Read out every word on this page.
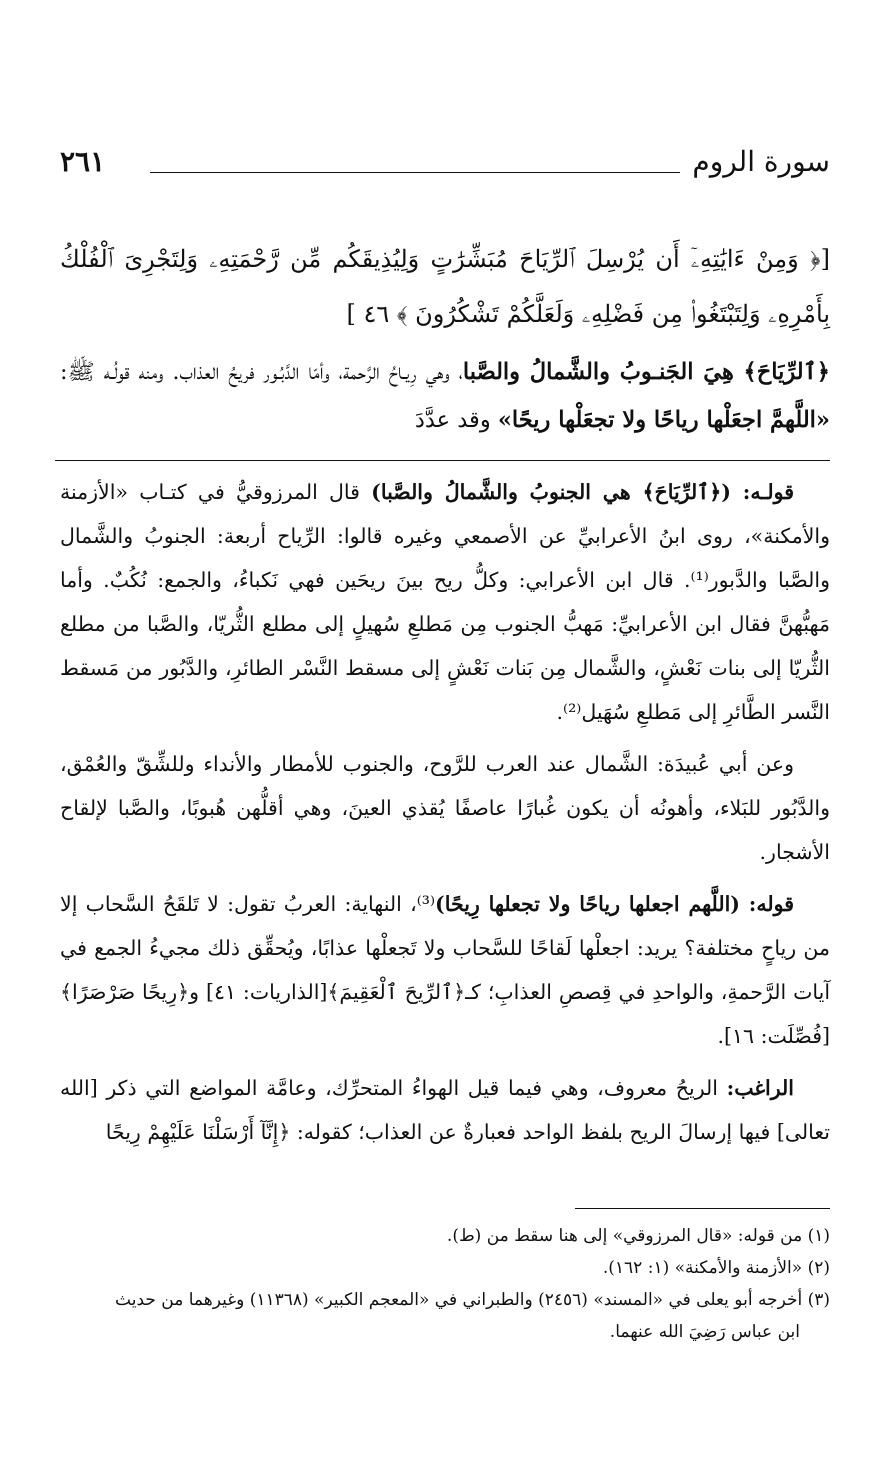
سورة الروم
٢٦١
[﴿ وَمِنْ ءَايَٰتِهِۦٓ أَن يُرْسِلَ ٱلرِّيَاحَ مُبَشِّرَٰتٍ وَلِيُذِيقَكُم مِّن رَّحْمَتِهِۦ وَلِتَجْرِىَ ٱلْفُلْكُ بِأَمْرِهِۦ وَلِتَبْتَغُوا۟ مِن فَضْلِهِۦ وَلَعَلَّكُمْ تَشْكُرُونَ ﴾ ٤٦ ]
﴿ٱلرِّيَاحَ﴾ هِيَ الجَنـوبُ والشَّمالُ والصَّبا، وهي رِيـاحُ الرَّحمة، وأمّا الدَّبُـور فريحُ العذاب. ومنه قولُـه ﷺ: «اللَّهمَّ اجعَلْها رياحًا ولا تجعَلْها ريحًا» وقد عدَّدَ

قولـه: (﴿ٱلرِّيَاحَ﴾ هي الجنوبُ والشَّمالُ والصَّبا) قال المرزوقيُّ في كتـاب «الأزمنة والأمكنة»، روى ابنُ الأعرابيِّ عن الأصمعي وغيره قالوا: الرِّياح أربعة: الجنوبُ والشَّمال والصَّبا والدَّبور⁽¹⁾. قال ابن الأعرابي: وكلُّ ريح بينَ ريحَين فهي نَكباءُ، والجمع: نُكُبٌ. وأما مَهبُّهنَّ فقال ابن الأعرابيِّ: مَهبُّ الجنوب مِن مَطلعِ سُهيلٍ إلى مطلع الثُّريّا، والصَّبا من مطلع الثُّريّا إلى بنات نَعْشٍ، والشَّمال مِن بَنات نَعْشٍ إلى مسقط النَّسْر الطائرِ، والدَّبُور من مَسقط النَّسر الطَّائرِ إلى مَطلعِ سُهَيل⁽²⁾.

وعن أبي عُبيدَة: الشَّمال عند العرب للرَّوح، والجنوب للأمطار والأنداء وللشِّقّ والعُمْق، والدَّبُور للبَلاء، وأهونُه أن يكون غُبارًا عاصفًا يُقذي العينَ، وهي أقلُّهن هُبوبًا، والصَّبا لإلقاح الأشجار.

قوله: (اللَّهم اجعلها رياحًا ولا تجعلها رِيحًا)⁽³⁾، النهاية: العربُ تقول: لا تَلقَحُ السَّحاب إلا من رياحٍ مختلفة؟ يريد: اجعلْها لَقاحًا للسَّحاب ولا تَجعلْها عذابًا، ويُحقِّق ذلك مجيءُ الجمع في آيات الرَّحمةِ، والواحدِ في قِصصِ العذابِ؛ كـ﴿ٱلرِّيحَ ٱلْعَقِيمَ﴾[الذاريات: ٤١] و﴿رِيحًا صَرْصَرًا﴾ [فُصِّلَت: ١٦].

الراغب: الريحُ معروف، وهي فيما قيل الهواءُ المتحرِّك، وعامَّة المواضع التي ذكر [الله تعالى] فيها إرسالَ الريح بلفظ الواحد فعبارةٌ عن العذاب؛ كقوله: ﴿إِنَّآ أَرْسَلْنَا عَلَيْهِمْ رِيحًا

(١) من قوله: «قال المرزوقي» إلى هنا سقط من (ط).
(٢) «الأزمنة والأمكنة» (١: ١٦٢).
(٣) أخرجه أبو يعلى في «المسند» (٢٤٥٦) والطبراني في «المعجم الكبير» (١١٣٦٨) وغيرهما من حديث
ابن عباس رَضِيَ الله عنهما.
